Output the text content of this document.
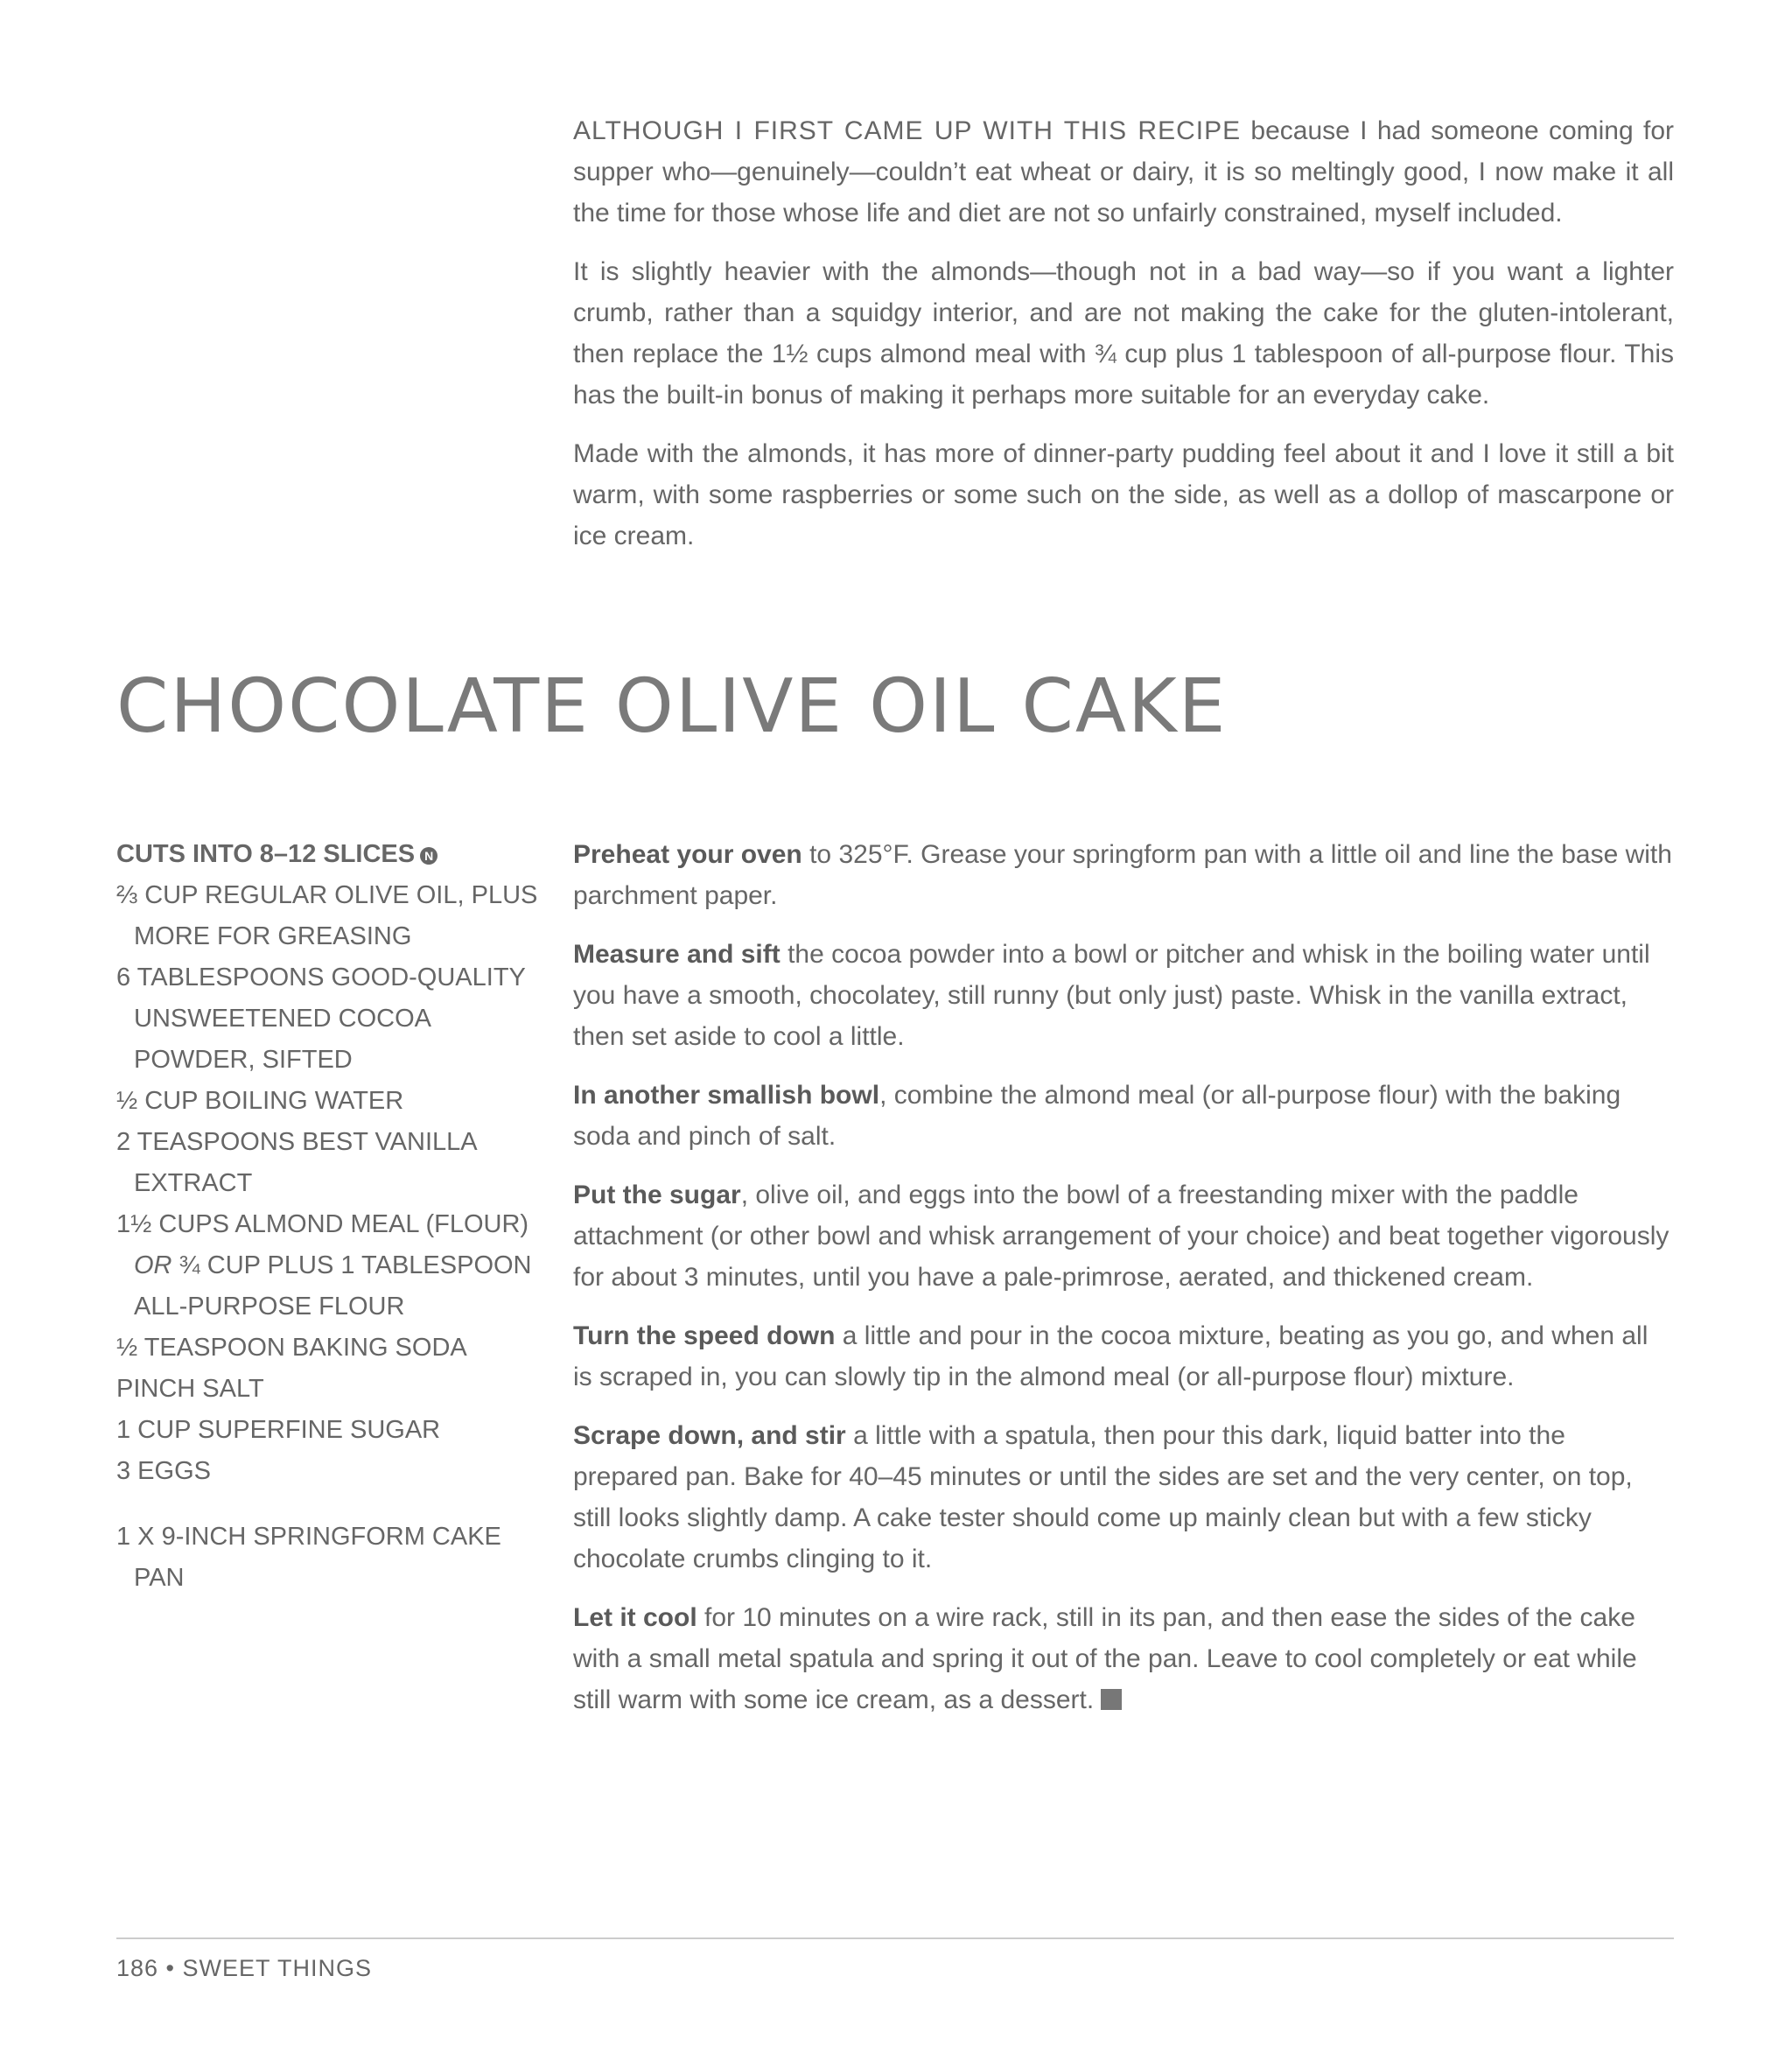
ALTHOUGH I FIRST CAME UP WITH THIS RECIPE because I had someone coming for supper who—genuinely—couldn’t eat wheat or dairy, it is so meltingly good, I now make it all the time for those whose life and diet are not so unfairly constrained, myself included.

It is slightly heavier with the almonds—though not in a bad way—so if you want a lighter crumb, rather than a squidgy interior, and are not making the cake for the gluten-intolerant, then replace the 1½ cups almond meal with ¾ cup plus 1 tablespoon of all-purpose flour. This has the built-in bonus of making it perhaps more suitable for an everyday cake.

Made with the almonds, it has more of dinner-party pudding feel about it and I love it still a bit warm, with some raspberries or some such on the side, as well as a dollop of mascarpone or ice cream.

CHOCOLATE OLIVE OIL CAKE

CUTS INTO 8–12 SLICES N

⅔ CUP REGULAR OLIVE OIL, PLUS MORE FOR GREASING
6 TABLESPOONS GOOD-QUALITY UNSWEETENED COCOA POWDER, SIFTED
½ CUP BOILING WATER
2 TEASPOONS BEST VANILLA EXTRACT
1½ CUPS ALMOND MEAL (FLOUR)
OR ¾ CUP PLUS 1 TABLESPOON ALL-PURPOSE FLOUR
½ TEASPOON BAKING SODA
PINCH SALT
1 CUP SUPERFINE SUGAR
3 EGGS
1 X 9-INCH SPRINGFORM CAKE PAN

Preheat your oven to 325°F. Grease your springform pan with a little oil and line the base with parchment paper.

Measure and sift the cocoa powder into a bowl or pitcher and whisk in the boiling water until you have a smooth, chocolatey, still runny (but only just) paste. Whisk in the vanilla extract, then set aside to cool a little.

In another smallish bowl, combine the almond meal (or all-purpose flour) with the baking soda and pinch of salt.

Put the sugar, olive oil, and eggs into the bowl of a freestanding mixer with the paddle attachment (or other bowl and whisk arrangement of your choice) and beat together vigorously for about 3 minutes, until you have a pale-primrose, aerated, and thickened cream.

Turn the speed down a little and pour in the cocoa mixture, beating as you go, and when all is scraped in, you can slowly tip in the almond meal (or all-purpose flour) mixture.

Scrape down, and stir a little with a spatula, then pour this dark, liquid batter into the prepared pan. Bake for 40–45 minutes or until the sides are set and the very center, on top, still looks slightly damp. A cake tester should come up mainly clean but with a few sticky chocolate crumbs clinging to it.

Let it cool for 10 minutes on a wire rack, still in its pan, and then ease the sides of the cake with a small metal spatula and spring it out of the pan. Leave to cool completely or eat while still warm with some ice cream, as a dessert.

186 • SWEET THINGS
